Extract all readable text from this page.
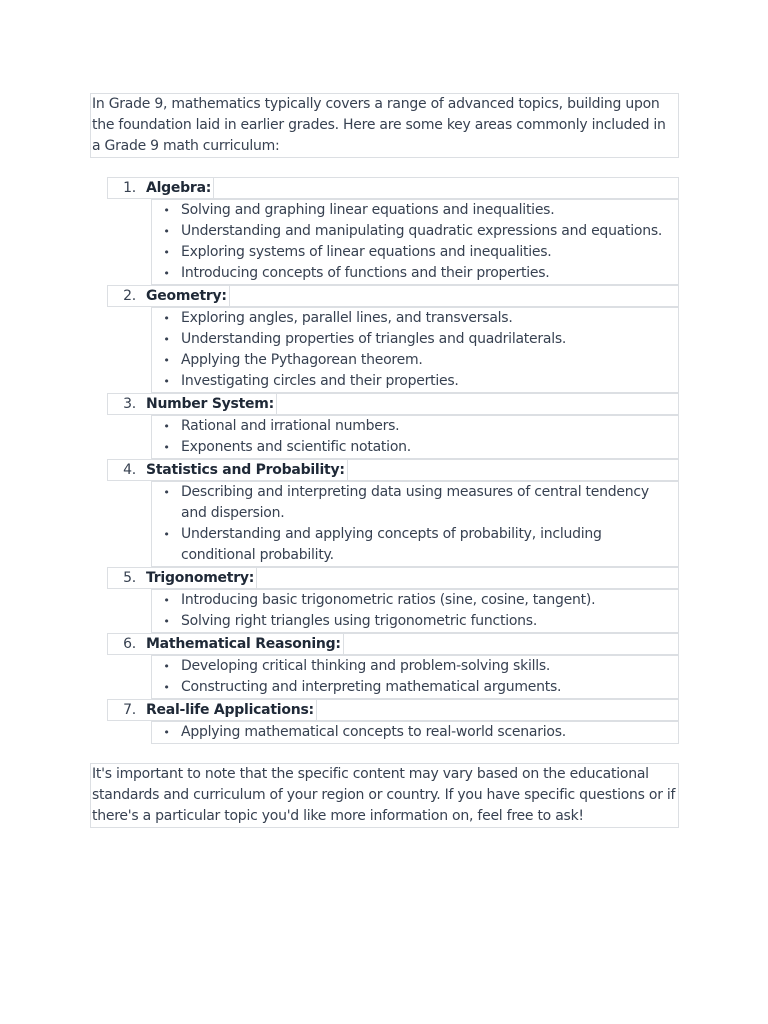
In Grade 9, mathematics typically covers a range of advanced topics, building upon the foundation laid in earlier grades. Here are some key areas commonly included in a Grade 9 math curriculum:
1. Algebra:
• Solving and graphing linear equations and inequalities.
• Understanding and manipulating quadratic expressions and equations.
• Exploring systems of linear equations and inequalities.
• Introducing concepts of functions and their properties.
2. Geometry:
• Exploring angles, parallel lines, and transversals.
• Understanding properties of triangles and quadrilaterals.
• Applying the Pythagorean theorem.
• Investigating circles and their properties.
3. Number System:
• Rational and irrational numbers.
• Exponents and scientific notation.
4. Statistics and Probability:
• Describing and interpreting data using measures of central tendency and dispersion.
• Understanding and applying concepts of probability, including conditional probability.
5. Trigonometry:
• Introducing basic trigonometric ratios (sine, cosine, tangent).
• Solving right triangles using trigonometric functions.
6. Mathematical Reasoning:
• Developing critical thinking and problem-solving skills.
• Constructing and interpreting mathematical arguments.
7. Real-life Applications:
• Applying mathematical concepts to real-world scenarios.
It's important to note that the specific content may vary based on the educational standards and curriculum of your region or country. If you have specific questions or if there's a particular topic you'd like more information on, feel free to ask!
